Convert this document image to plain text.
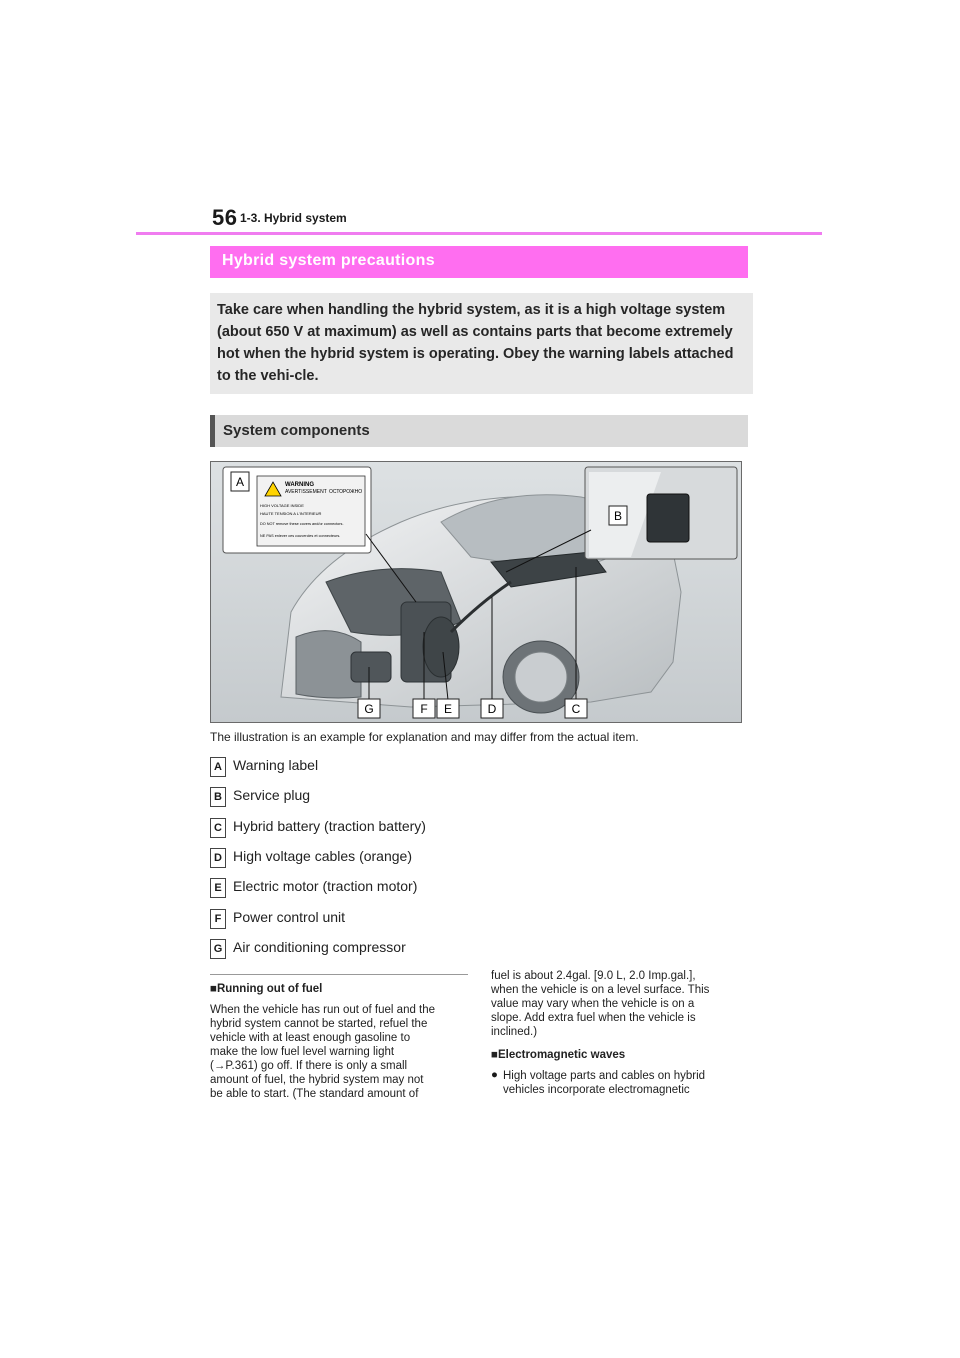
56 1-3. Hybrid system
Hybrid system precautions

Take care when handling the hybrid system, as it is a high voltage system (about 650 V at maximum) as well as contains parts that become extremely hot when the hybrid system is operating. Obey the warning labels attached to the vehi-cle.

System components
WARNING
AVERTISSEMENT ОСТОРОЖНО
HIGH VOLTAGE INSIDE
HAUTE TENSION A L'INTERIEUR
DO NOT remove these covers and/or connectors.
NE PAS enlever ces couvercles et connecteurs.
A
B
G	F E	D	C
The illustration is an example for explanation and may differ from the actual item.
A Warning label
B Service plug
C Hybrid battery (traction battery)
D High voltage cables (orange)
E Electric motor (traction motor)
F Power control unit
G Air conditioning compressor
■Running out of fuel

When the vehicle has run out of fuel and the

hybrid system cannot be started, refuel the

vehicle with at least enough gasoline to

make the low fuel level warning light

(→P.361) go off. If there is only a small

amount of fuel, the hybrid system may not

be able to start. (The standard amount of

fuel is about 2.4gal. [9.0 L, 2.0 Imp.gal.],

when the vehicle is on a level surface. This

value may vary when the vehicle is on a

slope. Add extra fuel when the vehicle is

inclined.)

■Electromagnetic waves
● High voltage parts and cables on hybrid

vehicles incorporate electromagnetic
